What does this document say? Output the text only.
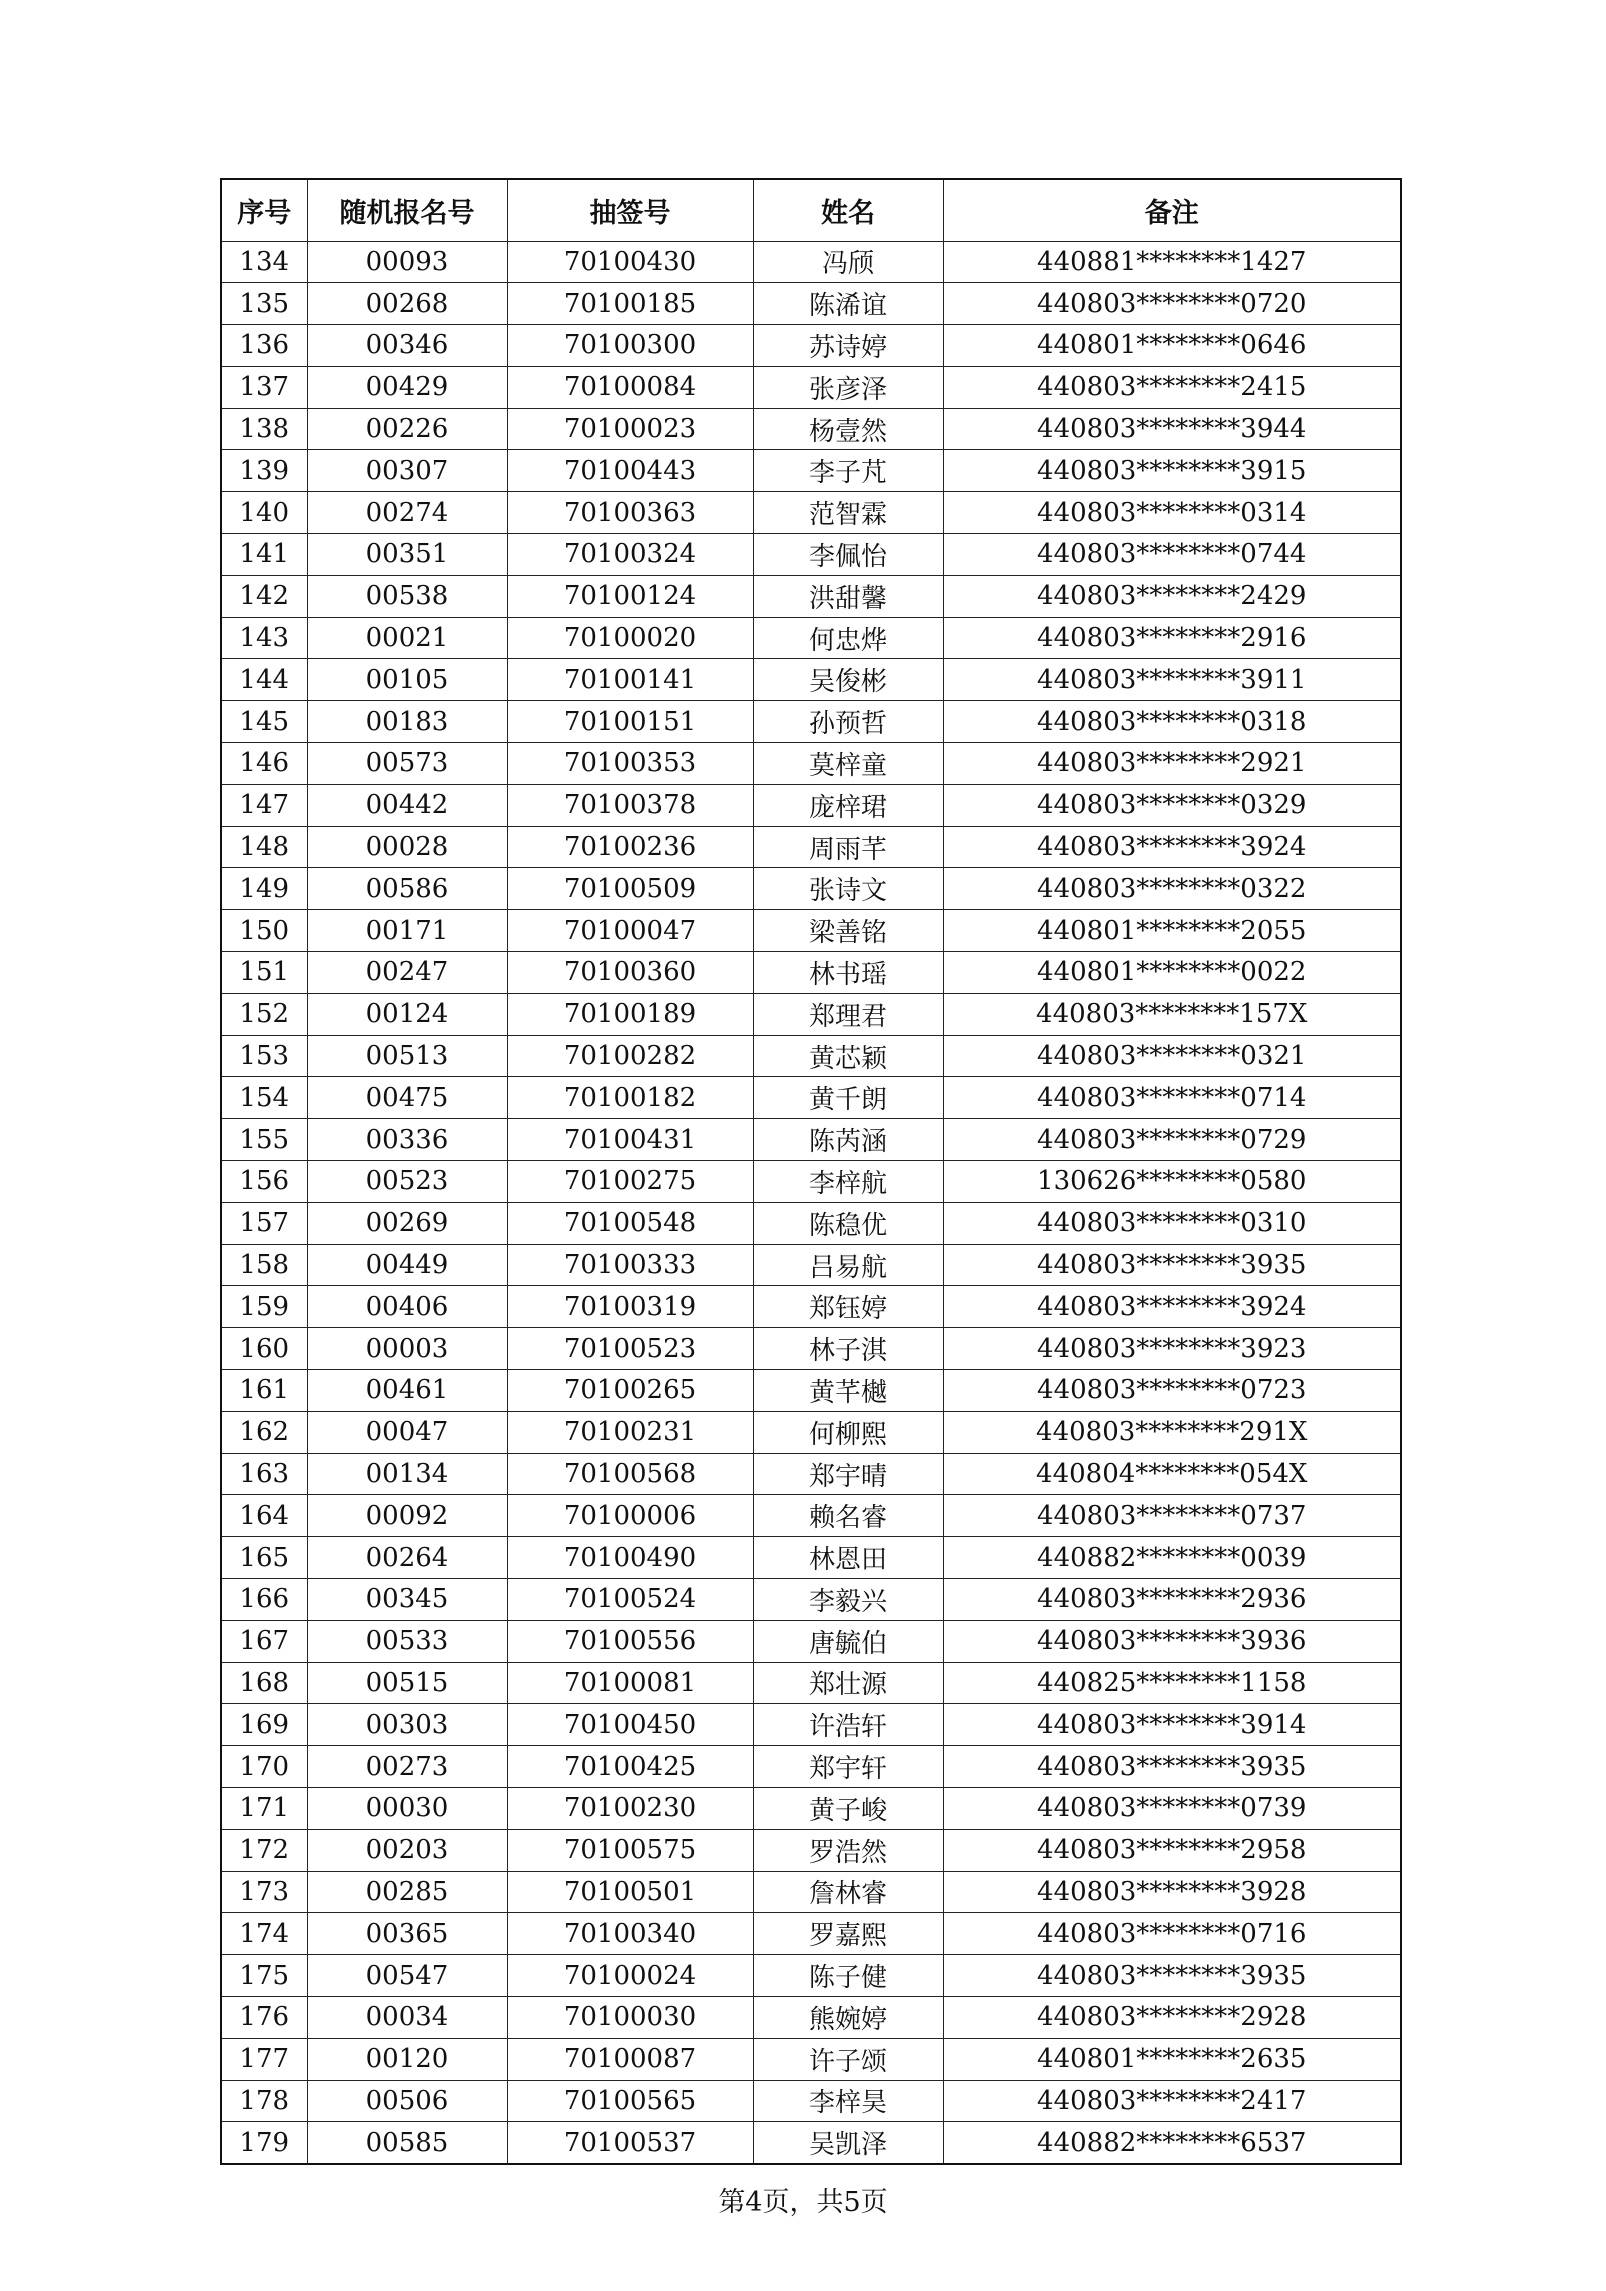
序号	随机报名号	抽签号	姓名	备注
134	00093	70100430	冯颀	440881********1427
135	00268	70100185	陈浠谊	440803********0720
136	00346	70100300	苏诗婷	440801********0646
137	00429	70100084	张彦泽	440803********2415
138	00226	70100023	杨壹然	440803********3944
139	00307	70100443	李子芃	440803********3915
140	00274	70100363	范智霖	440803********0314
141	00351	70100324	李佩怡	440803********0744
142	00538	70100124	洪甜馨	440803********2429
143	00021	70100020	何忠烨	440803********2916
144	00105	70100141	吴俊彬	440803********3911
145	00183	70100151	孙预哲	440803********0318
146	00573	70100353	莫梓童	440803********2921
147	00442	70100378	庞梓珺	440803********0329
148	00028	70100236	周雨芊	440803********3924
149	00586	70100509	张诗文	440803********0322
150	00171	70100047	梁善铭	440801********2055
151	00247	70100360	林书瑶	440801********0022
152	00124	70100189	郑理君	440803********157X
153	00513	70100282	黄芯颖	440803********0321
154	00475	70100182	黄千朗	440803********0714
155	00336	70100431	陈芮涵	440803********0729
156	00523	70100275	李梓航	130626********0580
157	00269	70100548	陈稳优	440803********0310
158	00449	70100333	吕易航	440803********3935
159	00406	70100319	郑钰婷	440803********3924
160	00003	70100523	林子淇	440803********3923
161	00461	70100265	黄芊樾	440803********0723
162	00047	70100231	何柳熙	440803********291X
163	00134	70100568	郑宇晴	440804********054X
164	00092	70100006	赖名睿	440803********0737
165	00264	70100490	林恩田	440882********0039
166	00345	70100524	李毅兴	440803********2936
167	00533	70100556	唐毓伯	440803********3936
168	00515	70100081	郑壮源	440825********1158
169	00303	70100450	许浩轩	440803********3914
170	00273	70100425	郑宇轩	440803********3935
171	00030	70100230	黄子峻	440803********0739
172	00203	70100575	罗浩然	440803********2958
173	00285	70100501	詹林睿	440803********3928
174	00365	70100340	罗嘉熙	440803********0716
175	00547	70100024	陈子健	440803********3935
176	00034	70100030	熊婉婷	440803********2928
177	00120	70100087	许子颂	440801********2635
178	00506	70100565	李梓昊	440803********2417
179	00585	70100537	吴凯泽	440882********6537
第4页，共5页
